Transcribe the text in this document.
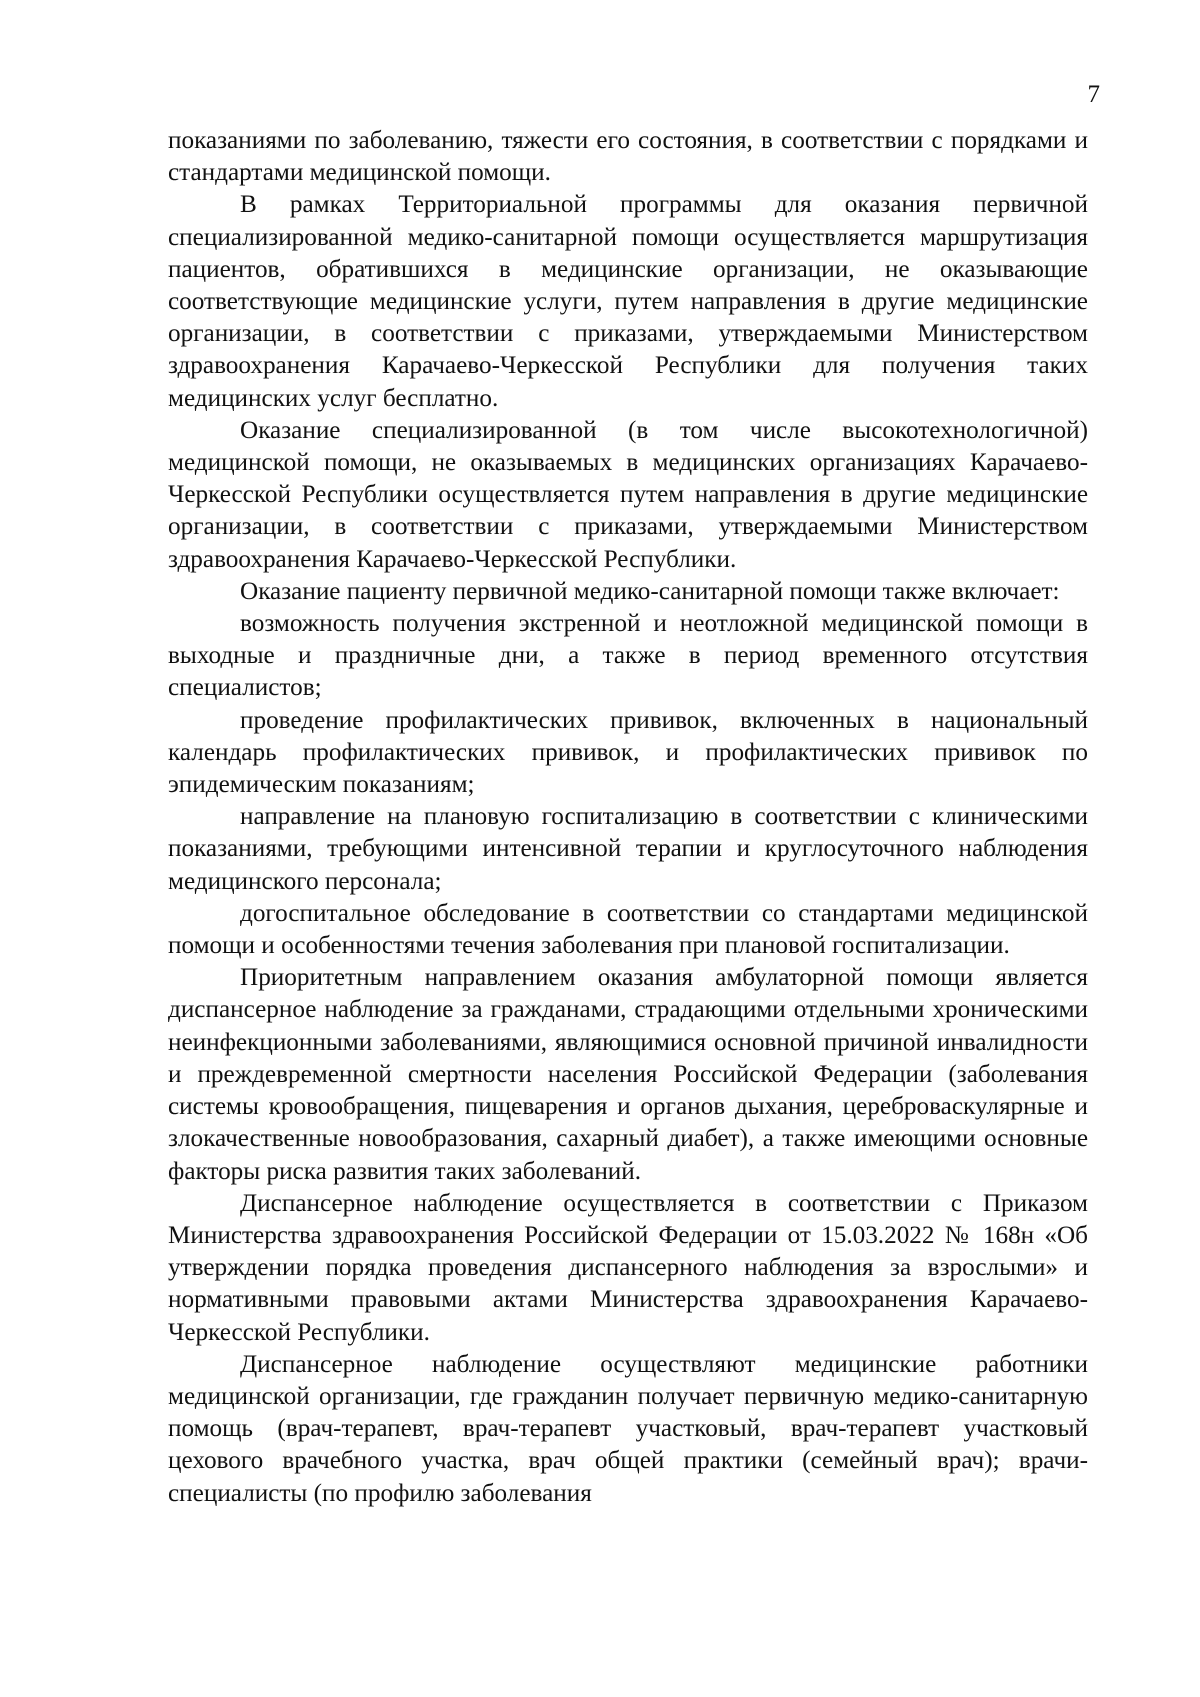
7

показаниями по заболеванию, тяжести его состояния, в соответствии с порядками и стандартами медицинской помощи.

В рамках Территориальной программы для оказания первичной специализированной медико-санитарной помощи осуществляется маршрутизация пациентов, обратившихся в медицинские организации, не оказывающие соответствующие медицинские услуги, путем направления в другие медицинские организации, в соответствии с приказами, утверждаемыми Министерством здравоохранения Карачаево-Черкесской Республики для получения таких медицинских услуг бесплатно.

Оказание специализированной (в том числе высокотехнологичной) медицинской помощи, не оказываемых в медицинских организациях Карачаево-Черкесской Республики осуществляется путем направления в другие медицинские организации, в соответствии с приказами, утверждаемыми Министерством здравоохранения Карачаево-Черкесской Республики.

Оказание пациенту первичной медико-санитарной помощи также включает:

возможность получения экстренной и неотложной медицинской помощи в выходные и праздничные дни, а также в период временного отсутствия специалистов;

проведение профилактических прививок, включенных в национальный календарь профилактических прививок, и профилактических прививок по эпидемическим показаниям;

направление на плановую госпитализацию в соответствии с клиническими показаниями, требующими интенсивной терапии и круглосуточного наблюдения медицинского персонала;

догоспитальное обследование в соответствии со стандартами медицинской помощи и особенностями течения заболевания при плановой госпитализации.

Приоритетным направлением оказания амбулаторной помощи является диспансерное наблюдение за гражданами, страдающими отдельными хроническими неинфекционными заболеваниями, являющимися основной причиной инвалидности и преждевременной смертности населения Российской Федерации (заболевания системы кровообращения, пищеварения и органов дыхания, цереброваскулярные и злокачественные новообразования, сахарный диабет), а также имеющими основные факторы риска развития таких заболеваний.

Диспансерное наблюдение осуществляется в соответствии с Приказом Министерства здравоохранения Российской Федерации от 15.03.2022 № 168н «Об утверждении порядка проведения диспансерного наблюдения за взрослыми» и нормативными правовыми актами Министерства здравоохранения Карачаево-Черкесской Республики.

Диспансерное наблюдение осуществляют медицинские работники медицинской организации, где гражданин получает первичную медико-санитарную помощь (врач-терапевт, врач-терапевт участковый, врач-терапевт участковый цехового врачебного участка, врач общей практики (семейный врач); врачи-специалисты (по профилю заболевания
